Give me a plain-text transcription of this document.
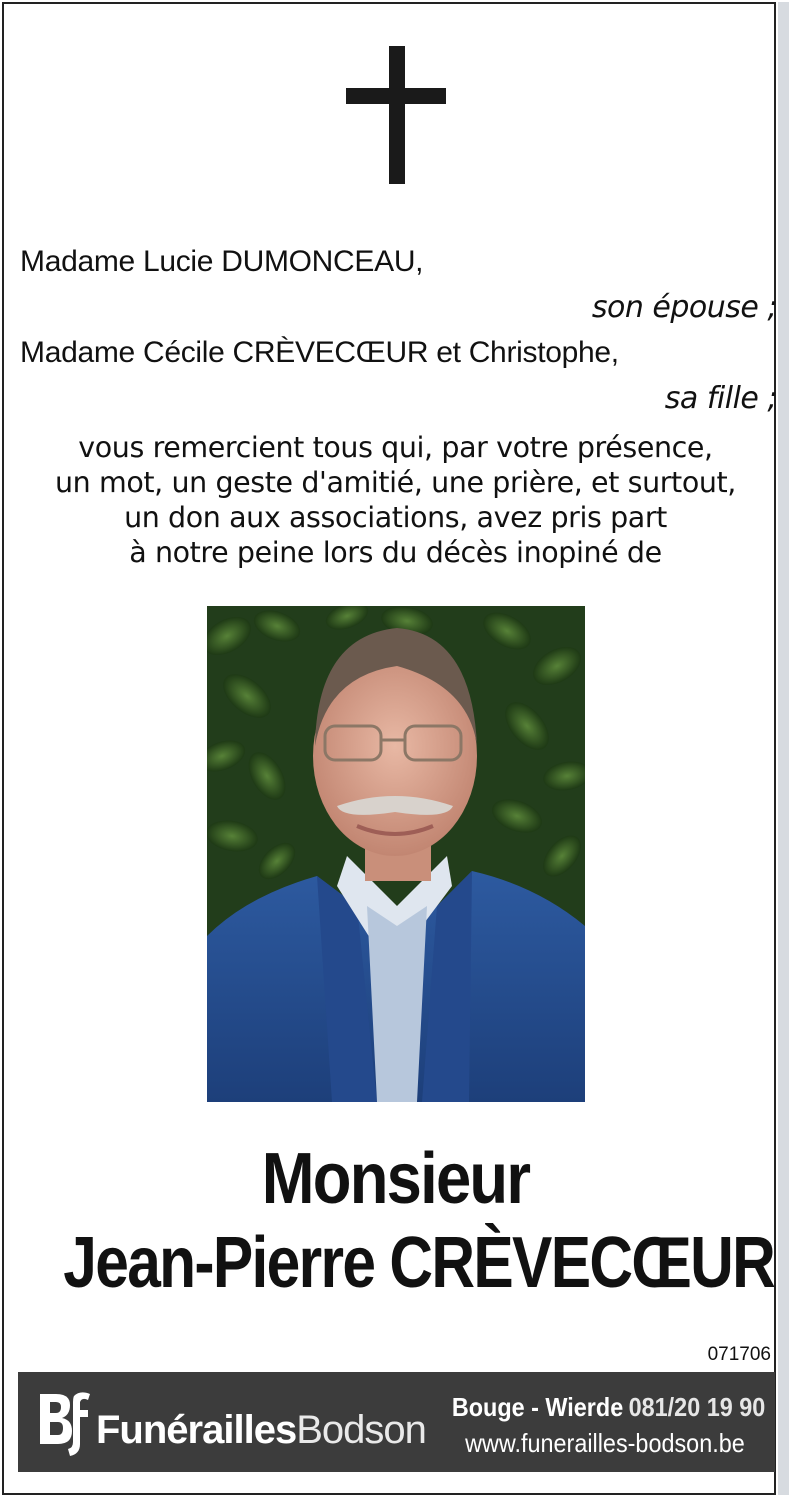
Madame Lucie DUMONCEAU,
son épouse ;
Madame Cécile CRÈVECŒUR et Christophe,
sa fille ;
vous remercient tous qui, par votre présence,
un mot, un geste d'amitié, une prière, et surtout,
un don aux associations, avez pris part
à notre peine lors du décès inopiné de
Monsieur
Jean-Pierre CRÈVECŒUR
071706
FunéraillesBodson
Bouge - Wierde 081/20 19 90
www.funerailles-bodson.be
